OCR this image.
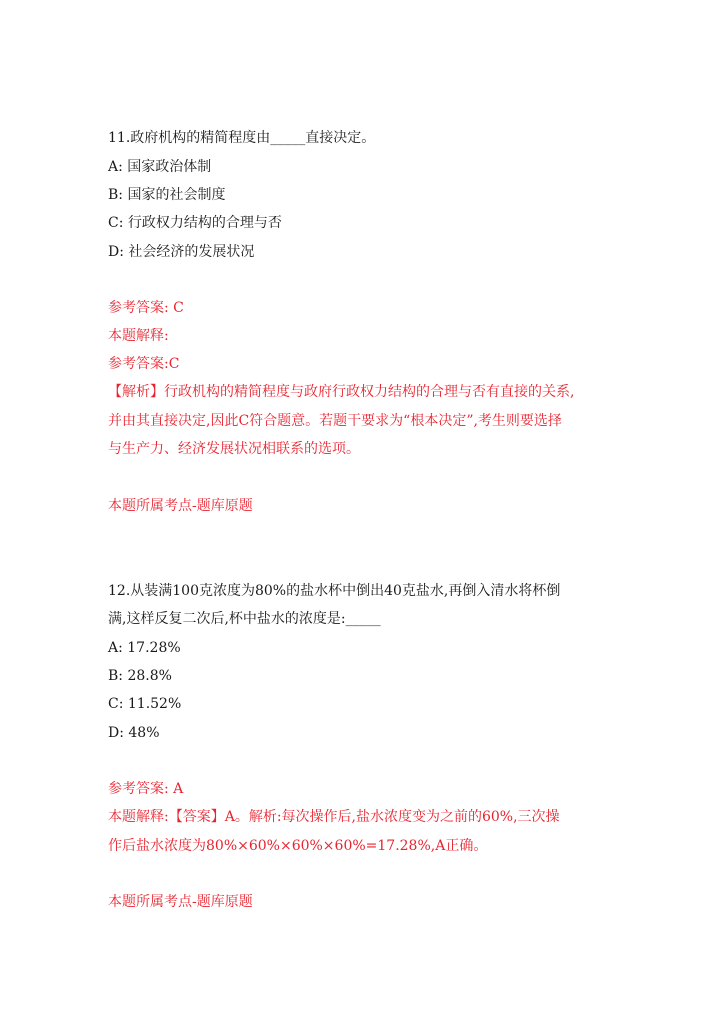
11.政府机构的精简程度由_____直接决定。
A: 国家政治体制
B: 国家的社会制度
C: 行政权力结构的合理与否
D: 社会经济的发展状况
参考答案: C
本题解释:
参考答案:C
【解析】行政机构的精简程度与政府行政权力结构的合理与否有直接的关系,
并由其直接决定,因此C符合题意。若题干要求为“根本决定”,考生则要选择
与生产力、经济发展状况相联系的选项。
本题所属考点-题库原题
12.从装满100克浓度为80%的盐水杯中倒出40克盐水,再倒入清水将杯倒
满,这样反复二次后,杯中盐水的浓度是:_____
A: 17.28%
B: 28.8%
C: 11.52%
D: 48%
参考答案: A
本题解释:【答案】A。解析:每次操作后,盐水浓度变为之前的60%,三次操
作后盐水浓度为80%×60%×60%×60%=17.28%,A正确。
本题所属考点-题库原题
